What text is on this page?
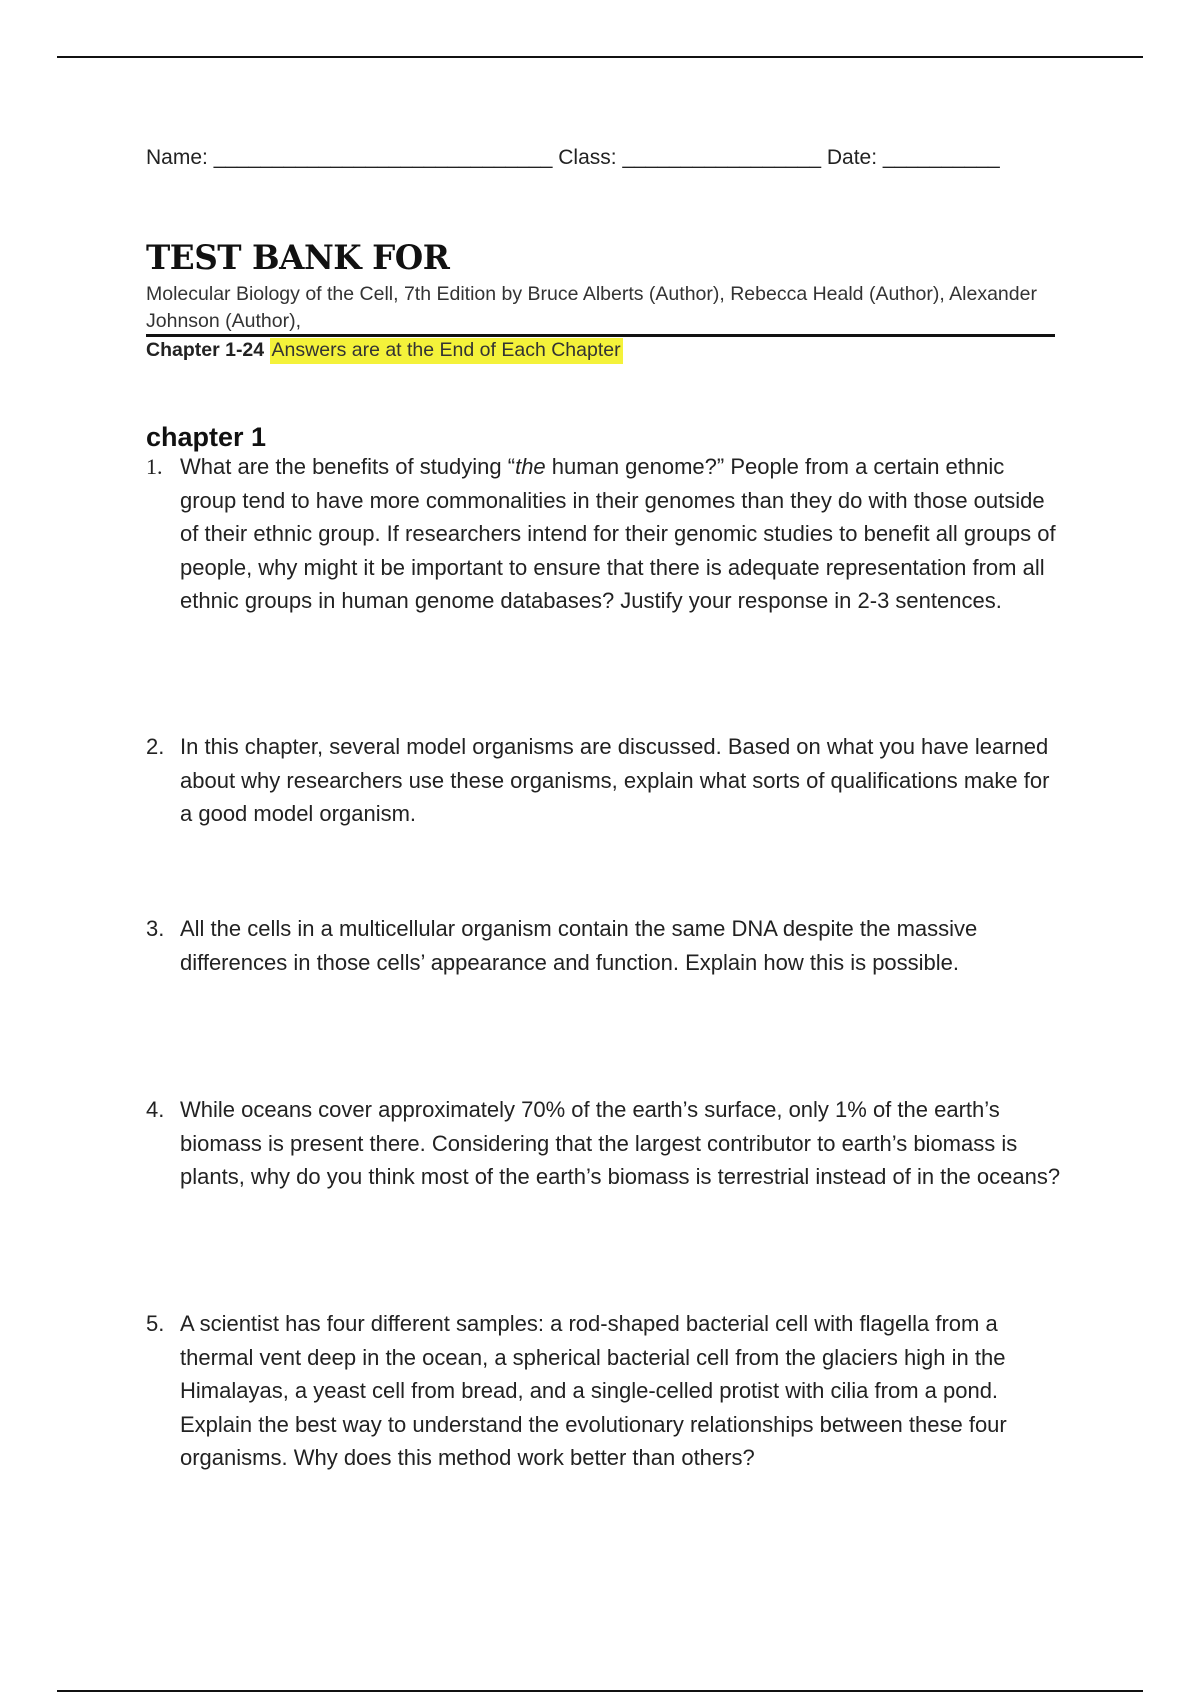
Name: _____________________________ Class: _________________ Date: __________
TEST BANK FOR
Molecular Biology of the Cell, 7th Edition by Bruce Alberts (Author), Rebecca Heald (Author), Alexander Johnson (Author),
Chapter 1-24 Answers are at the End of Each Chapter
chapter 1
1. What are the benefits of studying “the human genome?” People from a certain ethnic group tend to have more commonalities in their genomes than they do with those outside of their ethnic group. If researchers intend for their genomic studies to benefit all groups of people, why might it be important to ensure that there is adequate representation from all ethnic groups in human genome databases? Justify your response in 2-3 sentences.
2. In this chapter, several model organisms are discussed. Based on what you have learned about why researchers use these organisms, explain what sorts of qualifications make for a good model organism.
3. All the cells in a multicellular organism contain the same DNA despite the massive differences in those cells’ appearance and function. Explain how this is possible.
4. While oceans cover approximately 70% of the earth’s surface, only 1% of the earth’s biomass is present there. Considering that the largest contributor to earth’s biomass is plants, why do you think most of the earth’s biomass is terrestrial instead of in the oceans?
5. A scientist has four different samples: a rod-shaped bacterial cell with flagella from a thermal vent deep in the ocean, a spherical bacterial cell from the glaciers high in the Himalayas, a yeast cell from bread, and a single-celled protist with cilia from a pond. Explain the best way to understand the evolutionary relationships between these four organisms. Why does this method work better than others?
